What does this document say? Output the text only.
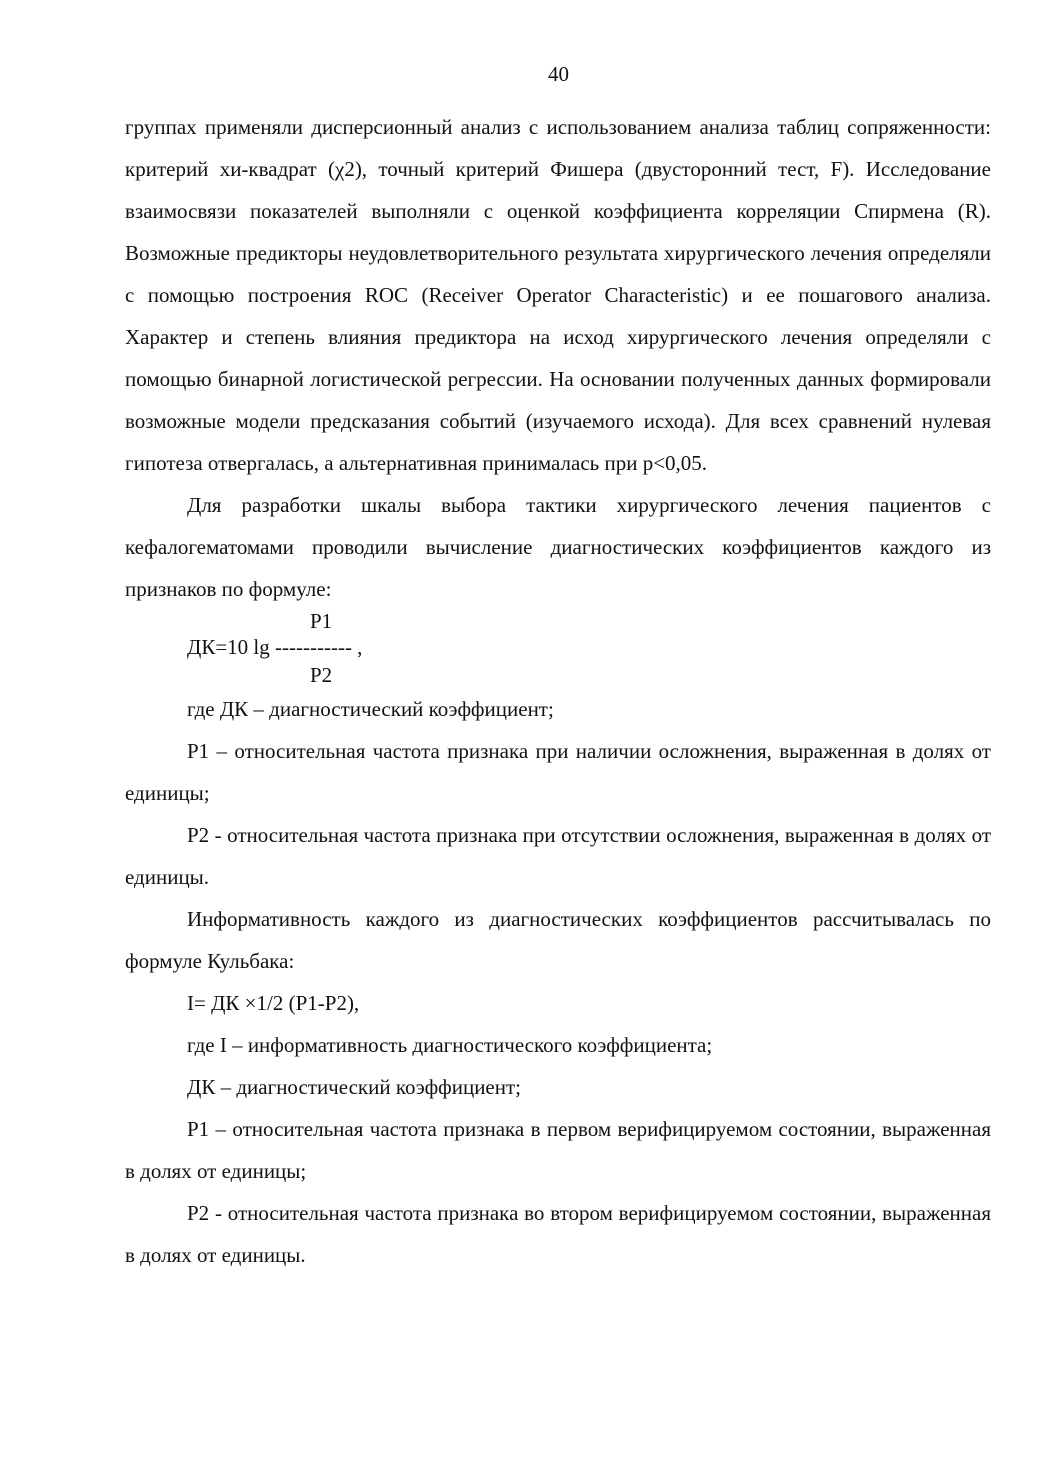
40

группах применяли дисперсионный анализ с использованием анализа таблиц сопряженности: критерий хи-квадрат (χ2), точный критерий Фишера (двусторонний тест, F). Исследование взаимосвязи показателей выполняли с оценкой коэффициента корреляции Спирмена (R). Возможные предикторы неудовлетворительного результата хирургического лечения определяли с помощью построения ROC (Receiver Operator Characteristic) и ее пошагового анализа. Характер и степень влияния предиктора на исход хирургического лечения определяли с помощью бинарной логистической регрессии. На основании полученных данных формировали возможные модели предсказания событий (изучаемого исхода). Для всех сравнений нулевая гипотеза отвергалась, а альтернативная принималась при р<0,05.

Для разработки шкалы выбора тактики хирургического лечения пациентов с кефалогематомами проводили вычисление диагностических коэффициентов каждого из признаков по формуле:

Р1
ДК=10 lg ----------- ,
Р2

где ДК – диагностический коэффициент;

Р1 – относительная частота признака при наличии осложнения, выраженная в долях от единицы;

Р2 - относительная частота признака при отсутствии осложнения, выраженная в долях от единицы.

Информативность каждого из диагностических коэффициентов рассчитывалась по формуле Кульбака:

I= ДК ×1/2 (Р1-Р2),

где I – информативность диагностического коэффициента;

ДК – диагностический коэффициент;

Р1 – относительная частота признака в первом верифицируемом состоянии, выраженная в долях от единицы;

Р2 - относительная частота признака во втором верифицируемом состоянии, выраженная в долях от единицы.
